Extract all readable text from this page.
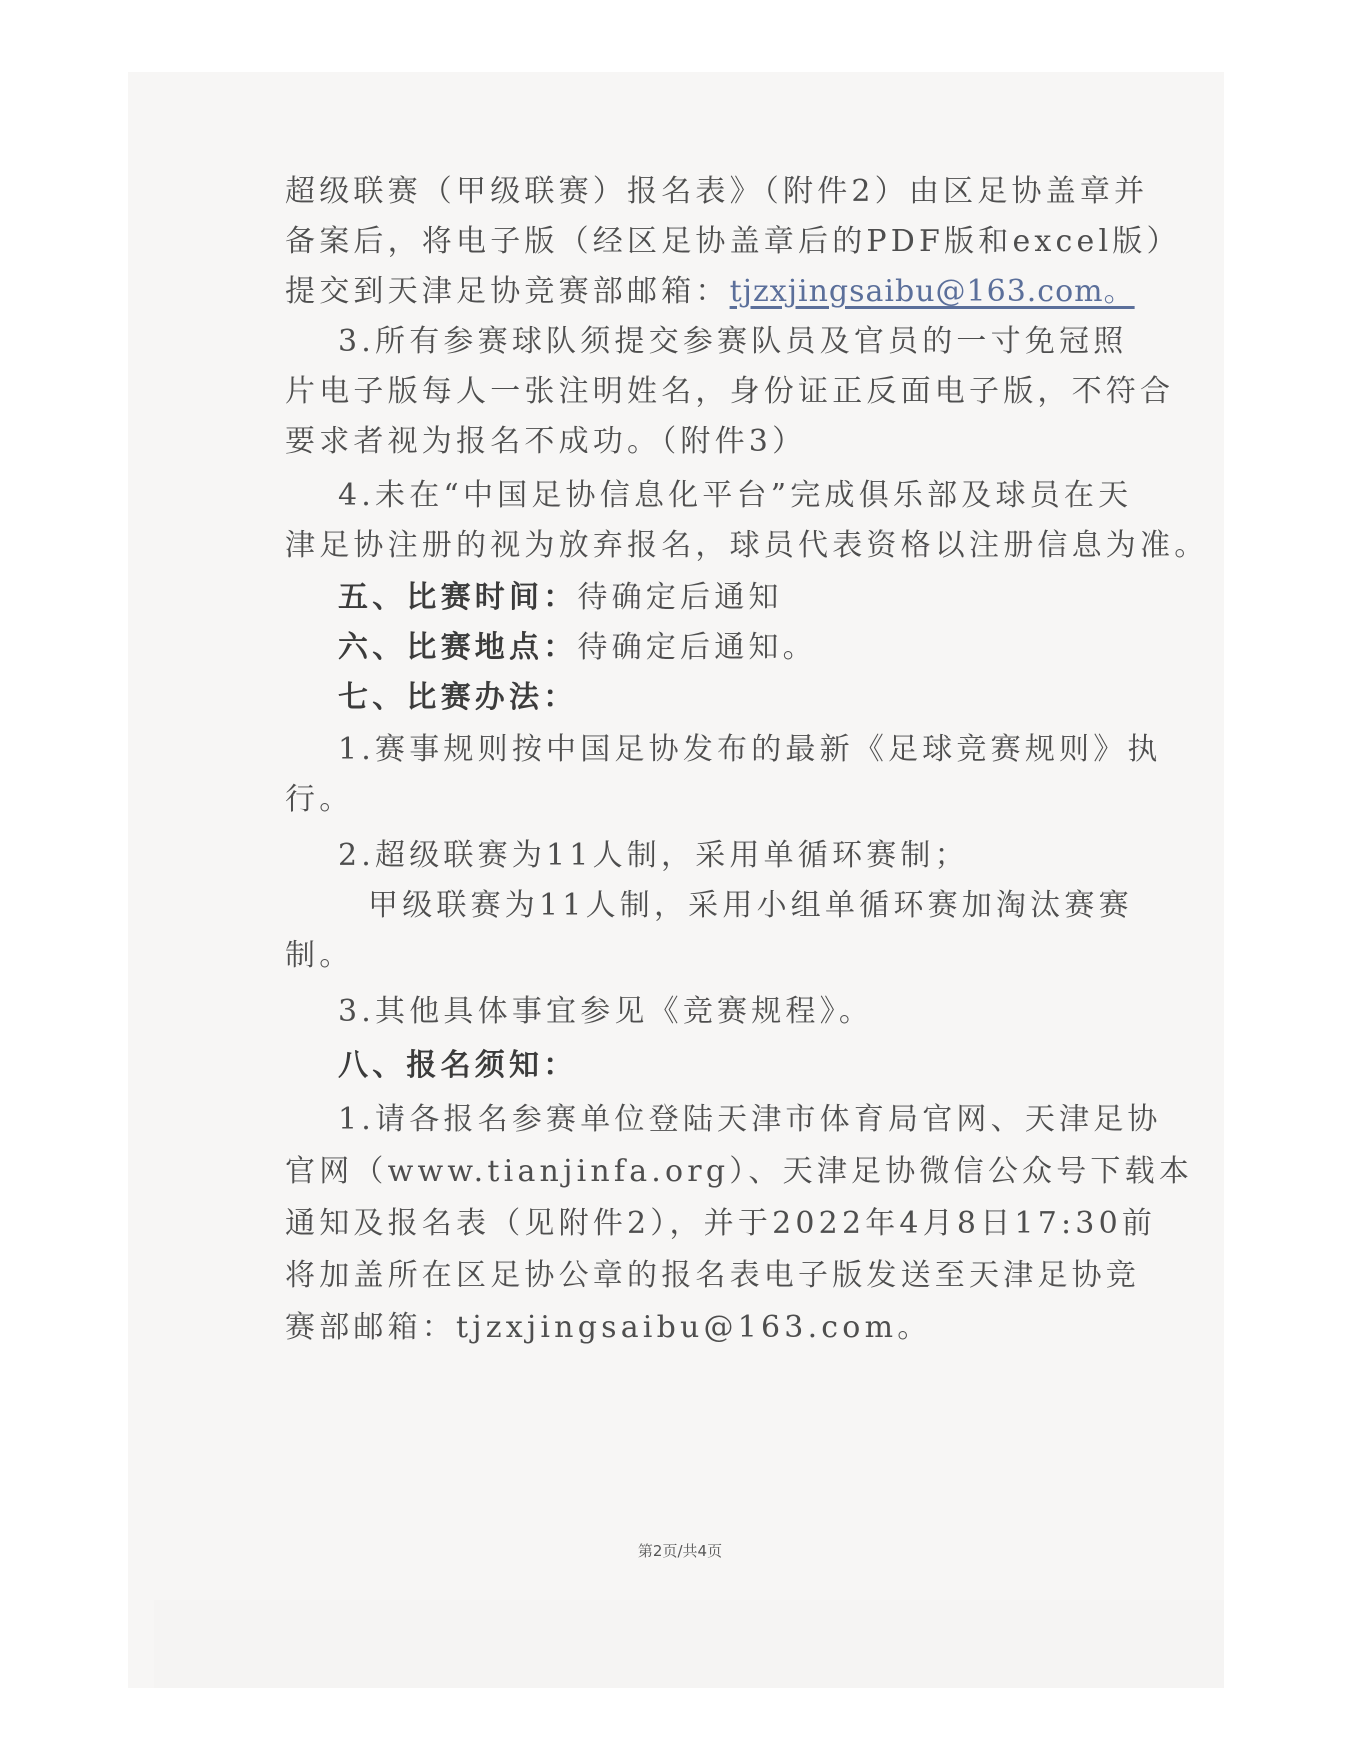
超级联赛（甲级联赛）报名表》（附件2）由区足协盖章并
备案后，将电子版（经区足协盖章后的PDF版和excel版）
提交到天津足协竞赛部邮箱：tjzxjingsaibu@163.com。
3.所有参赛球队须提交参赛队员及官员的一寸免冠照
片电子版每人一张注明姓名，身份证正反面电子版，不符合
要求者视为报名不成功。（附件3）
4.未在“中国足协信息化平台”完成俱乐部及球员在天
津足协注册的视为放弃报名，球员代表资格以注册信息为准。
五、比赛时间：待确定后通知
六、比赛地点：待确定后通知。
七、比赛办法：
1.赛事规则按中国足协发布的最新《足球竞赛规则》执
行。
2.超级联赛为11人制，采用单循环赛制；
甲级联赛为11人制，采用小组单循环赛加淘汰赛赛
制。
3.其他具体事宜参见《竞赛规程》。
八、报名须知：
1.请各报名参赛单位登陆天津市体育局官网、天津足协
官网（www.tianjinfa.org）、天津足协微信公众号下载本
通知及报名表（见附件2），并于2022年4月8日17:30前
将加盖所在区足协公章的报名表电子版发送至天津足协竞
赛部邮箱：tjzxjingsaibu@163.com。
第2页/共4页
